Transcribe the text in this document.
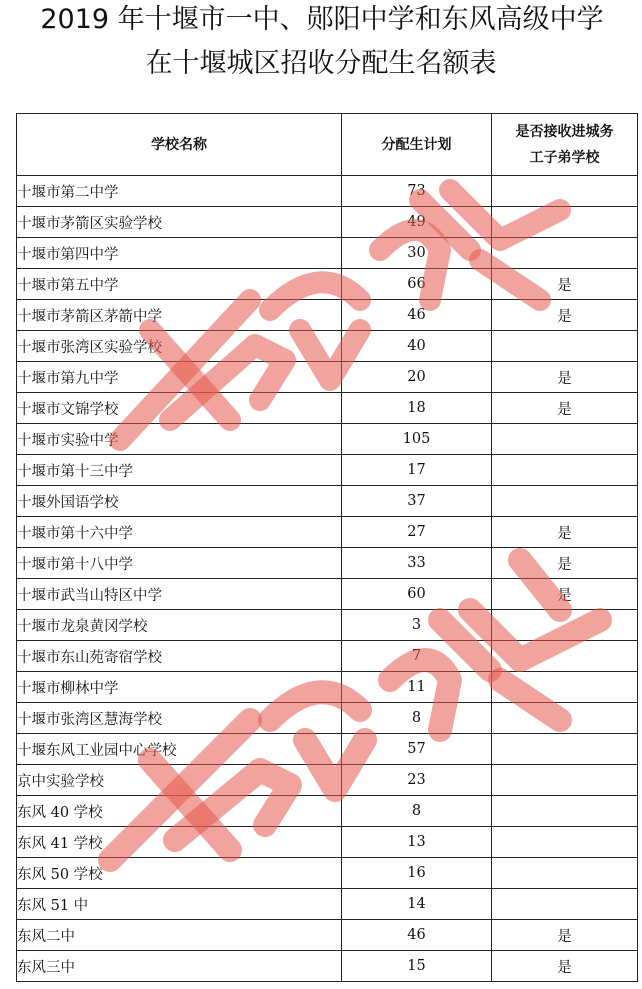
2019 年十堰市一中、郧阳中学和东风高级中学
在十堰城区招收分配生名额表
学校名称	分配生计划	是否接收进城务
工子弟学校
十堰市第二中学	73	
十堰市茅箭区实验学校	49	
十堰市第四中学	30	
十堰市第五中学	66	是
十堰市茅箭区茅箭中学	46	是
十堰市张湾区实验学校	40	
十堰市第九中学	20	是
十堰市文锦学校	18	是
十堰市实验中学	105	
十堰市第十三中学	17	
十堰外国语学校	37	
十堰市第十六中学	27	是
十堰市第十八中学	33	是
十堰市武当山特区中学	60	是
十堰市龙泉黄冈学校	3	
十堰市东山苑寄宿学校	7	
十堰市柳林中学	11	
十堰市张湾区慧海学校	8	
十堰东风工业园中心学校	57	
京中实验学校	23	
东风 40 学校	8	
东风 41 学校	13	
东风 50 学校	16	
东风 51 中	14	
东风二中	46	是
东风三中	15	是
